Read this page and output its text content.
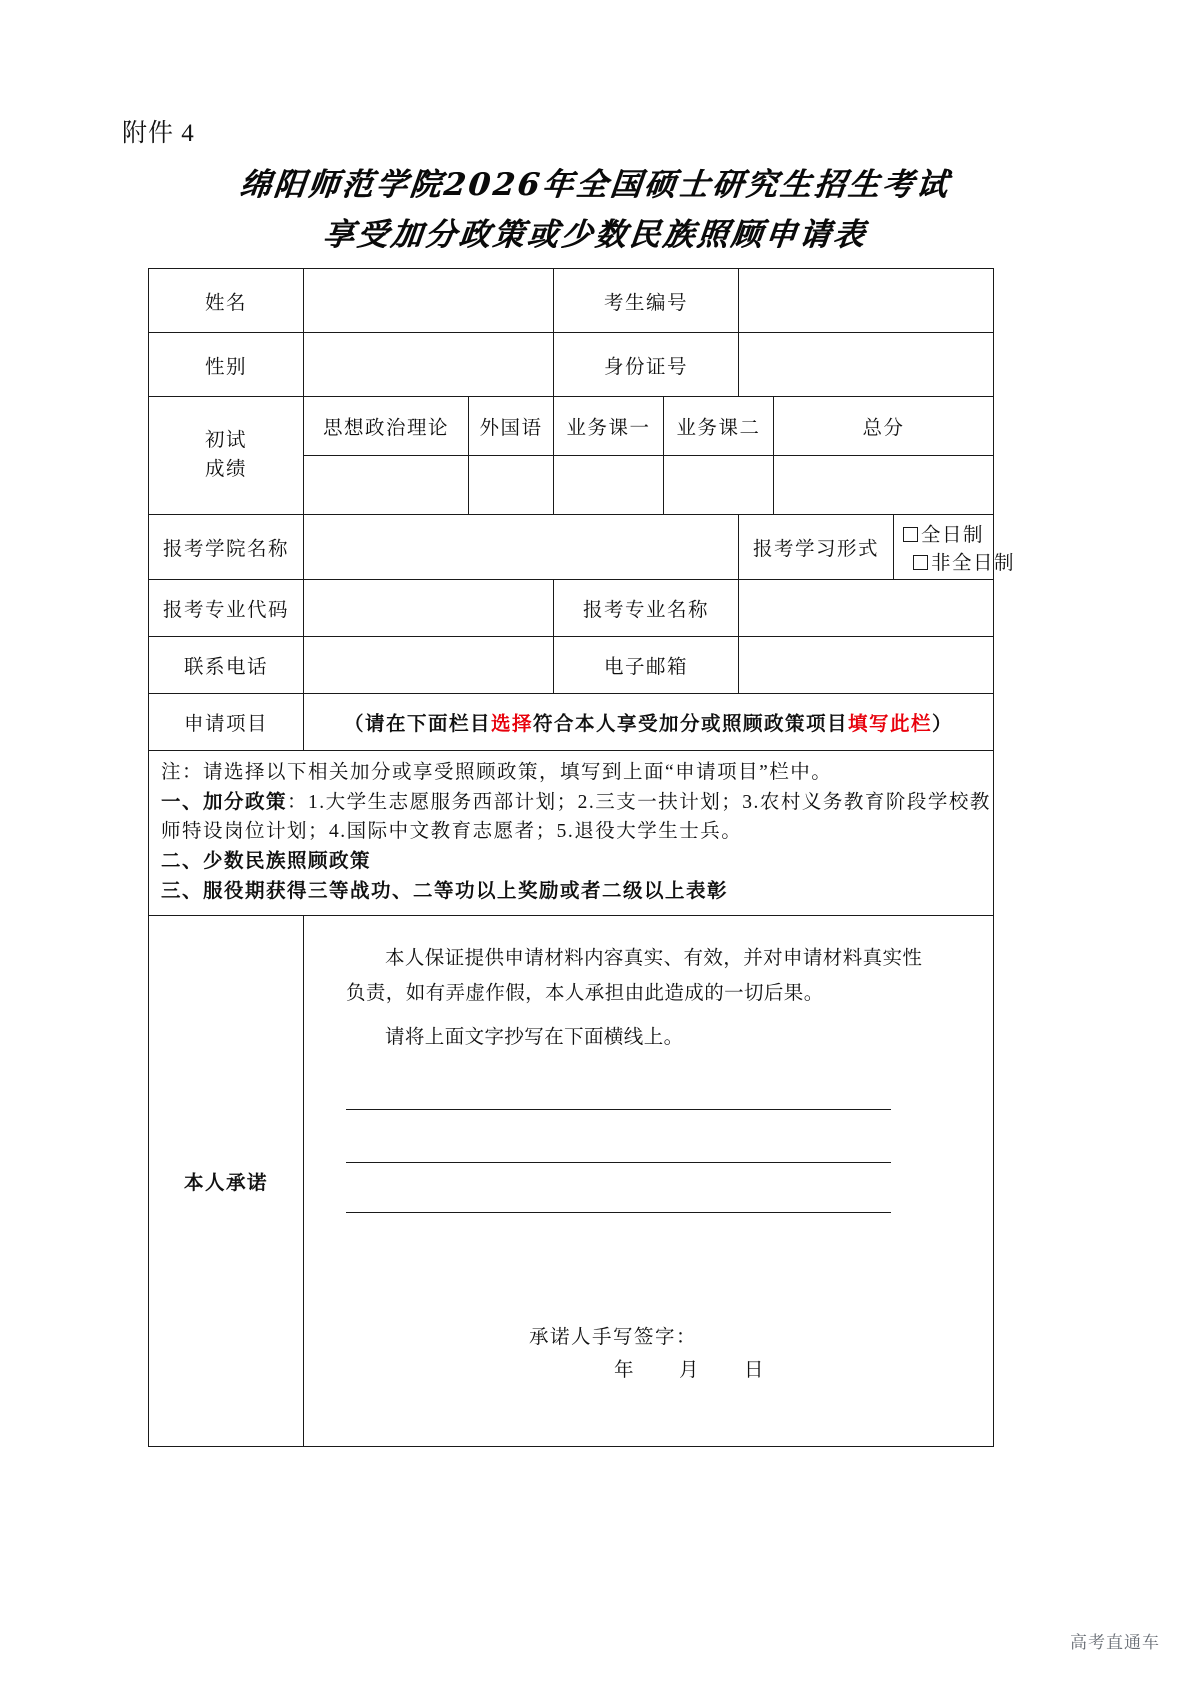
附件 4
绵阳师范学院2026年全国硕士研究生招生考试
享受加分政策或少数民族照顾申请表
姓名			考生编号				
性别			身份证号				

初试
成绩	思想政治理论	外国语	业务课一	业务课二		总分	

报考学院名称					报考学习形式		全日制非全日制
报考专业代码			报考专业名称				
联系电话			电子邮箱				
申请项目	（请在下面栏目选择符合本人享受加分或照顾政策项目填写此栏）						

注：请选择以下相关加分或享受照顾政策，填写到上面“申请项目”栏中。
一、加分政策：1.大学生志愿服务西部计划；2.三支一扶计划；3.农村义务教育阶段学校教
师特设岗位计划；4.国际中文教育志愿者；5.退役大学生士兵。
二、少数民族照顾政策
三、服役期获得三等战功、二等功以上奖励或者二级以上表彰							

本人承诺	本人保证提供申请材料内容真实、有效，并对申请材料真实性负责，如有弄虚作假，本人承担由此造成的一切后果。
请将上面文字抄写在下面横线上。
承诺人手写签字：
年 月 日						
高考直通车
